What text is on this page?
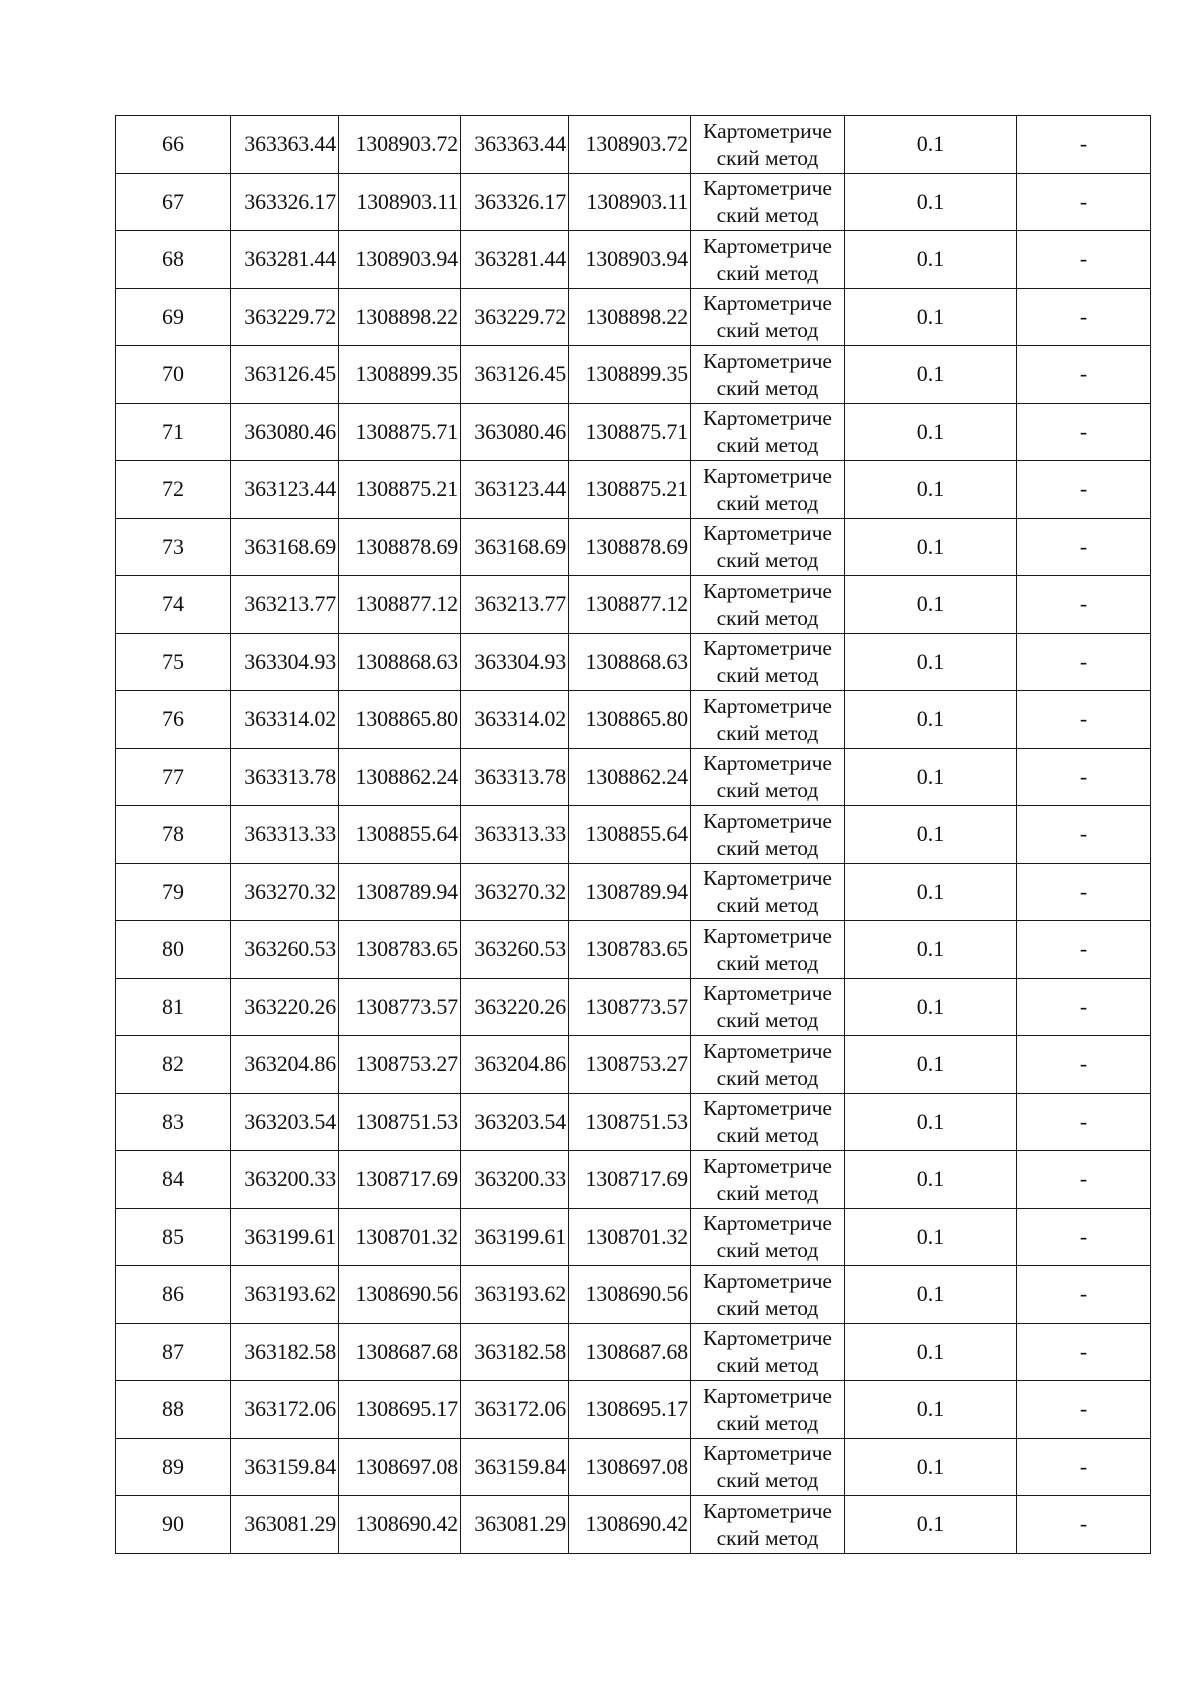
66	363363.44	1308903.72	363363.44	1308903.72	Картометриче
ский метод	0.1	-
67	363326.17	1308903.11	363326.17	1308903.11	Картометриче
ский метод	0.1	-
68	363281.44	1308903.94	363281.44	1308903.94	Картометриче
ский метод	0.1	-
69	363229.72	1308898.22	363229.72	1308898.22	Картометриче
ский метод	0.1	-
70	363126.45	1308899.35	363126.45	1308899.35	Картометриче
ский метод	0.1	-
71	363080.46	1308875.71	363080.46	1308875.71	Картометриче
ский метод	0.1	-
72	363123.44	1308875.21	363123.44	1308875.21	Картометриче
ский метод	0.1	-
73	363168.69	1308878.69	363168.69	1308878.69	Картометриче
ский метод	0.1	-
74	363213.77	1308877.12	363213.77	1308877.12	Картометриче
ский метод	0.1	-
75	363304.93	1308868.63	363304.93	1308868.63	Картометриче
ский метод	0.1	-
76	363314.02	1308865.80	363314.02	1308865.80	Картометриче
ский метод	0.1	-
77	363313.78	1308862.24	363313.78	1308862.24	Картометриче
ский метод	0.1	-
78	363313.33	1308855.64	363313.33	1308855.64	Картометриче
ский метод	0.1	-
79	363270.32	1308789.94	363270.32	1308789.94	Картометриче
ский метод	0.1	-
80	363260.53	1308783.65	363260.53	1308783.65	Картометриче
ский метод	0.1	-
81	363220.26	1308773.57	363220.26	1308773.57	Картометриче
ский метод	0.1	-
82	363204.86	1308753.27	363204.86	1308753.27	Картометриче
ский метод	0.1	-
83	363203.54	1308751.53	363203.54	1308751.53	Картометриче
ский метод	0.1	-
84	363200.33	1308717.69	363200.33	1308717.69	Картометриче
ский метод	0.1	-
85	363199.61	1308701.32	363199.61	1308701.32	Картометриче
ский метод	0.1	-
86	363193.62	1308690.56	363193.62	1308690.56	Картометриче
ский метод	0.1	-
87	363182.58	1308687.68	363182.58	1308687.68	Картометриче
ский метод	0.1	-
88	363172.06	1308695.17	363172.06	1308695.17	Картометриче
ский метод	0.1	-
89	363159.84	1308697.08	363159.84	1308697.08	Картометриче
ский метод	0.1	-
90	363081.29	1308690.42	363081.29	1308690.42	Картометриче
ский метод	0.1	-
